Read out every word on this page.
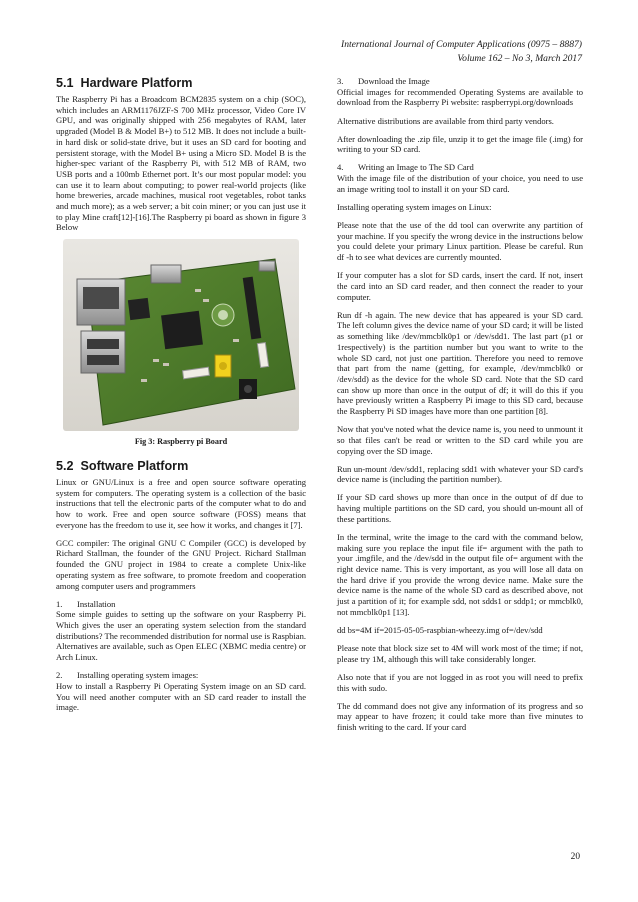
International Journal of Computer Applications (0975 – 8887)
Volume 162 – No 3, March 2017
5.1 Hardware Platform

The Raspberry Pi has a Broadcom BCM2835 system on a chip (SOC), which includes an ARM1176JZF-S 700 MHz processor, Video Core IV GPU, and was originally shipped with 256 megabytes of RAM, later upgraded (Model B & Model B+) to 512 MB. It does not include a built-in hard disk or solid-state drive, but it uses an SD card for booting and persistent storage, with the Model B+ using a Micro SD. Model B is the higher-spec variant of the Raspberry Pi, with 512 MB of RAM, two USB ports and a 100mb Ethernet port. It’s our most popular model: you can use it to learn about computing; to power real-world projects (like home breweries, arcade machines, musical root vegetables, robot tanks and much more); as a web server; a bit coin miner; or you can just use it to play Mine craft[12]-[16].The Raspberry pi board as shown in figure 3 Below

Fig 3: Raspberry pi Board
5.2 Software Platform

Linux or GNU/Linux is a free and open source software operating system for computers. The operating system is a collection of the basic instructions that tell the electronic parts of the computer what to do and how to work. Free and open source software (FOSS) means that everyone has the freedom to use it, see how it works, and changes it [7].

GCC compiler: The original GNU C Compiler (GCC) is developed by Richard Stallman, the founder of the GNU Project. Richard Stallman founded the GNU project in 1984 to create a complete Unix-like operating system as free software, to promote freedom and cooperation among computer users and programmers

1. Installation

Some simple guides to setting up the software on your Raspberry Pi. Which gives the user an operating system selection from the standard distributions? The recommended distribution for normal use is Raspbian. Alternatives are available, such as Open ELEC (XBMC media centre) or Arch Linux.

2. Installing operating system images:

How to install a Raspberry Pi Operating System image on an SD card. You will need another computer with an SD card reader to install the image.

3. Download the Image

Official images for recommended Operating Systems are available to download from the Raspberry Pi website: raspberrypi.org/downloads

Alternative distributions are available from third party vendors.

After downloading the .zip file, unzip it to get the image file (.img) for writing to your SD card.

4. Writing an Image to The SD Card

With the image file of the distribution of your choice, you need to use an image writing tool to install it on your SD card.

Installing operating system images on Linux:

Please note that the use of the dd tool can overwrite any partition of your machine. If you specify the wrong device in the instructions below you could delete your primary Linux partition. Please be careful. Run df -h to see what devices are currently mounted.

If your computer has a slot for SD cards, insert the card. If not, insert the card into an SD card reader, and then connect the reader to your computer.

Run df -h again. The new device that has appeared is your SD card. The left column gives the device name of your SD card; it will be listed as something like /dev/mmcblk0p1 or /dev/sdd1. The last part (p1 or 1respectively) is the partition number but you want to write to the whole SD card, not just one partition. Therefore you need to remove that part from the name (getting, for example, /dev/mmcblk0 or /dev/sdd) as the device for the whole SD card. Note that the SD card can show up more than once in the output of df; it will do this if you have previously written a Raspberry Pi image to this SD card, because the Raspberry Pi SD images have more than one partition [8].

Now that you've noted what the device name is, you need to unmount it so that files can't be read or written to the SD card while you are copying over the SD image.

Run un-mount /dev/sdd1, replacing sdd1 with whatever your SD card's device name is (including the partition number).

If your SD card shows up more than once in the output of df due to having multiple partitions on the SD card, you should un-mount all of these partitions.

In the terminal, write the image to the card with the command below, making sure you replace the input file if= argument with the path to your .imgfile, and the /dev/sdd in the output file of= argument with the right device name. This is very important, as you will lose all data on the hard drive if you provide the wrong device name. Make sure the device name is the name of the whole SD card as described above, not just a partition of it; for example sdd, not sdds1 or sddp1; or mmcblk0, not mmcblk0p1 [13].

dd bs=4M if=2015-05-05-raspbian-wheezy.img of=/dev/sdd

Please note that block size set to 4M will work most of the time; if not, please try 1M, although this will take considerably longer.

Also note that if you are not logged in as root you will need to prefix this with sudo.

The dd command does not give any information of its progress and so may appear to have frozen; it could take more than five minutes to finish writing to the card. If your card

20
